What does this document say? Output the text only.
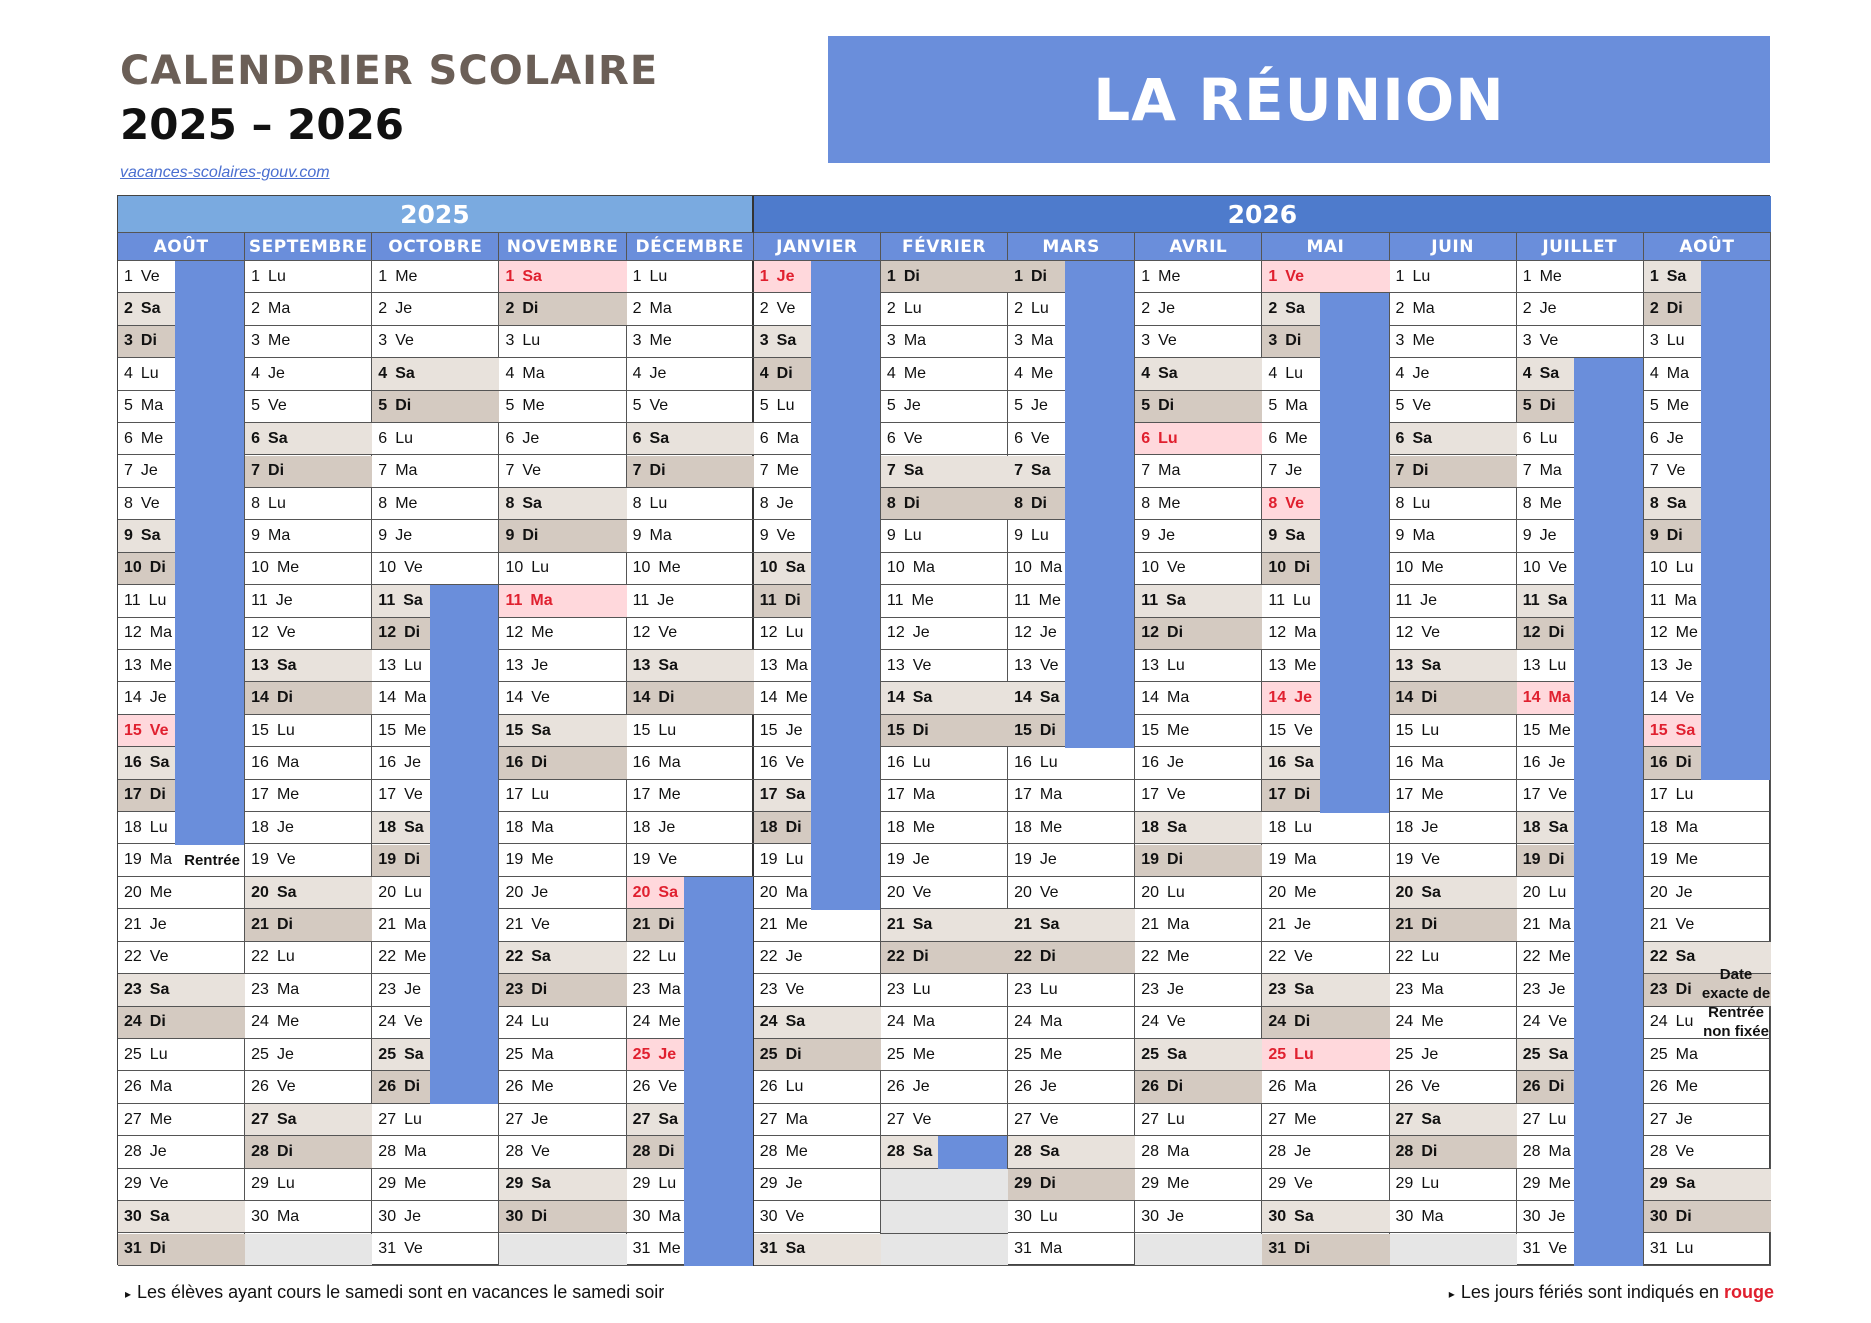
CALENDRIER SCOLAIRE
2025 – 2026
vacances-scolaires-gouv.com
LA RÉUNION
2025	2026
AOÛT
1 Ve
2 Sa
3 Di
4 Lu
5 Ma
6 Me
7 Je
8 Ve
9 Sa
10 Di
11 Lu
12 Ma
13 Me
14 Je
15 Ve
16 Sa
17 Di
18 Lu
19 Ma
20 Me
21 Je
22 Ve
23 Sa
24 Di
25 Lu
26 Ma
27 Me
28 Je
29 Ve
30 Sa
31 Di
SEPTEMBRE
1 Lu
2 Ma
3 Me
4 Je
5 Ve
6 Sa
7 Di
8 Lu
9 Ma
10 Me
11 Je
12 Ve
13 Sa
14 Di
15 Lu
16 Ma
17 Me
18 Je
19 Ve
20 Sa
21 Di
22 Lu
23 Ma
24 Me
25 Je
26 Ve
27 Sa
28 Di
29 Lu
30 Ma
OCTOBRE
1 Me
2 Je
3 Ve
4 Sa
5 Di
6 Lu
7 Ma
8 Me
9 Je
10 Ve
11 Sa
12 Di
13 Lu
14 Ma
15 Me
16 Je
17 Ve
18 Sa
19 Di
20 Lu
21 Ma
22 Me
23 Je
24 Ve
25 Sa
26 Di
27 Lu
28 Ma
29 Me
30 Je
31 Ve
NOVEMBRE
1 Sa
2 Di
3 Lu
4 Ma
5 Me
6 Je
7 Ve
8 Sa
9 Di
10 Lu
11 Ma
12 Me
13 Je
14 Ve
15 Sa
16 Di
17 Lu
18 Ma
19 Me
20 Je
21 Ve
22 Sa
23 Di
24 Lu
25 Ma
26 Me
27 Je
28 Ve
29 Sa
30 Di
DÉCEMBRE
1 Lu
2 Ma
3 Me
4 Je
5 Ve
6 Sa
7 Di
8 Lu
9 Ma
10 Me
11 Je
12 Ve
13 Sa
14 Di
15 Lu
16 Ma
17 Me
18 Je
19 Ve
20 Sa
21 Di
22 Lu
23 Ma
24 Me
25 Je
26 Ve
27 Sa
28 Di
29 Lu
30 Ma
31 Me
JANVIER
1 Je
2 Ve
3 Sa
4 Di
5 Lu
6 Ma
7 Me
8 Je
9 Ve
10 Sa
11 Di
12 Lu
13 Ma
14 Me
15 Je
16 Ve
17 Sa
18 Di
19 Lu
20 Ma
21 Me
22 Je
23 Ve
24 Sa
25 Di
26 Lu
27 Ma
28 Me
29 Je
30 Ve
31 Sa
FÉVRIER
1 Di
2 Lu
3 Ma
4 Me
5 Je
6 Ve
7 Sa
8 Di
9 Lu
10 Ma
11 Me
12 Je
13 Ve
14 Sa
15 Di
16 Lu
17 Ma
18 Me
19 Je
20 Ve
21 Sa
22 Di
23 Lu
24 Ma
25 Me
26 Je
27 Ve
28 Sa
MARS
1 Di
2 Lu
3 Ma
4 Me
5 Je
6 Ve
7 Sa
8 Di
9 Lu
10 Ma
11 Me
12 Je
13 Ve
14 Sa
15 Di
16 Lu
17 Ma
18 Me
19 Je
20 Ve
21 Sa
22 Di
23 Lu
24 Ma
25 Me
26 Je
27 Ve
28 Sa
29 Di
30 Lu
31 Ma
AVRIL
1 Me
2 Je
3 Ve
4 Sa
5 Di
6 Lu
7 Ma
8 Me
9 Je
10 Ve
11 Sa
12 Di
13 Lu
14 Ma
15 Me
16 Je
17 Ve
18 Sa
19 Di
20 Lu
21 Ma
22 Me
23 Je
24 Ve
25 Sa
26 Di
27 Lu
28 Ma
29 Me
30 Je
MAI
1 Ve
2 Sa
3 Di
4 Lu
5 Ma
6 Me
7 Je
8 Ve
9 Sa
10 Di
11 Lu
12 Ma
13 Me
14 Je
15 Ve
16 Sa
17 Di
18 Lu
19 Ma
20 Me
21 Je
22 Ve
23 Sa
24 Di
25 Lu
26 Ma
27 Me
28 Je
29 Ve
30 Sa
31 Di
JUIN
1 Lu
2 Ma
3 Me
4 Je
5 Ve
6 Sa
7 Di
8 Lu
9 Ma
10 Me
11 Je
12 Ve
13 Sa
14 Di
15 Lu
16 Ma
17 Me
18 Je
19 Ve
20 Sa
21 Di
22 Lu
23 Ma
24 Me
25 Je
26 Ve
27 Sa
28 Di
29 Lu
30 Ma
JUILLET
1 Me
2 Je
3 Ve
4 Sa
5 Di
6 Lu
7 Ma
8 Me
9 Je
10 Ve
11 Sa
12 Di
13 Lu
14 Ma
15 Me
16 Je
17 Ve
18 Sa
19 Di
20 Lu
21 Ma
22 Me
23 Je
24 Ve
25 Sa
26 Di
27 Lu
28 Ma
29 Me
30 Je
31 Ve
AOÛT
1 Sa
2 Di
3 Lu
4 Ma
5 Me
6 Je
7 Ve
8 Sa
9 Di
10 Lu
11 Ma
12 Me
13 Je
14 Ve
15 Sa
16 Di
17 Lu
18 Ma
19 Me
20 Je
21 Ve
22 Sa
23 Di
24 Lu
25 Ma
26 Me
27 Je
28 Ve
29 Sa
30 Di
31 Lu
Rentrée
Date exacte de Rentrée non fixée
▸ Les élèves ayant cours le samedi sont en vacances le samedi soir	▸ Les jours fériés sont indiqués en rouge
